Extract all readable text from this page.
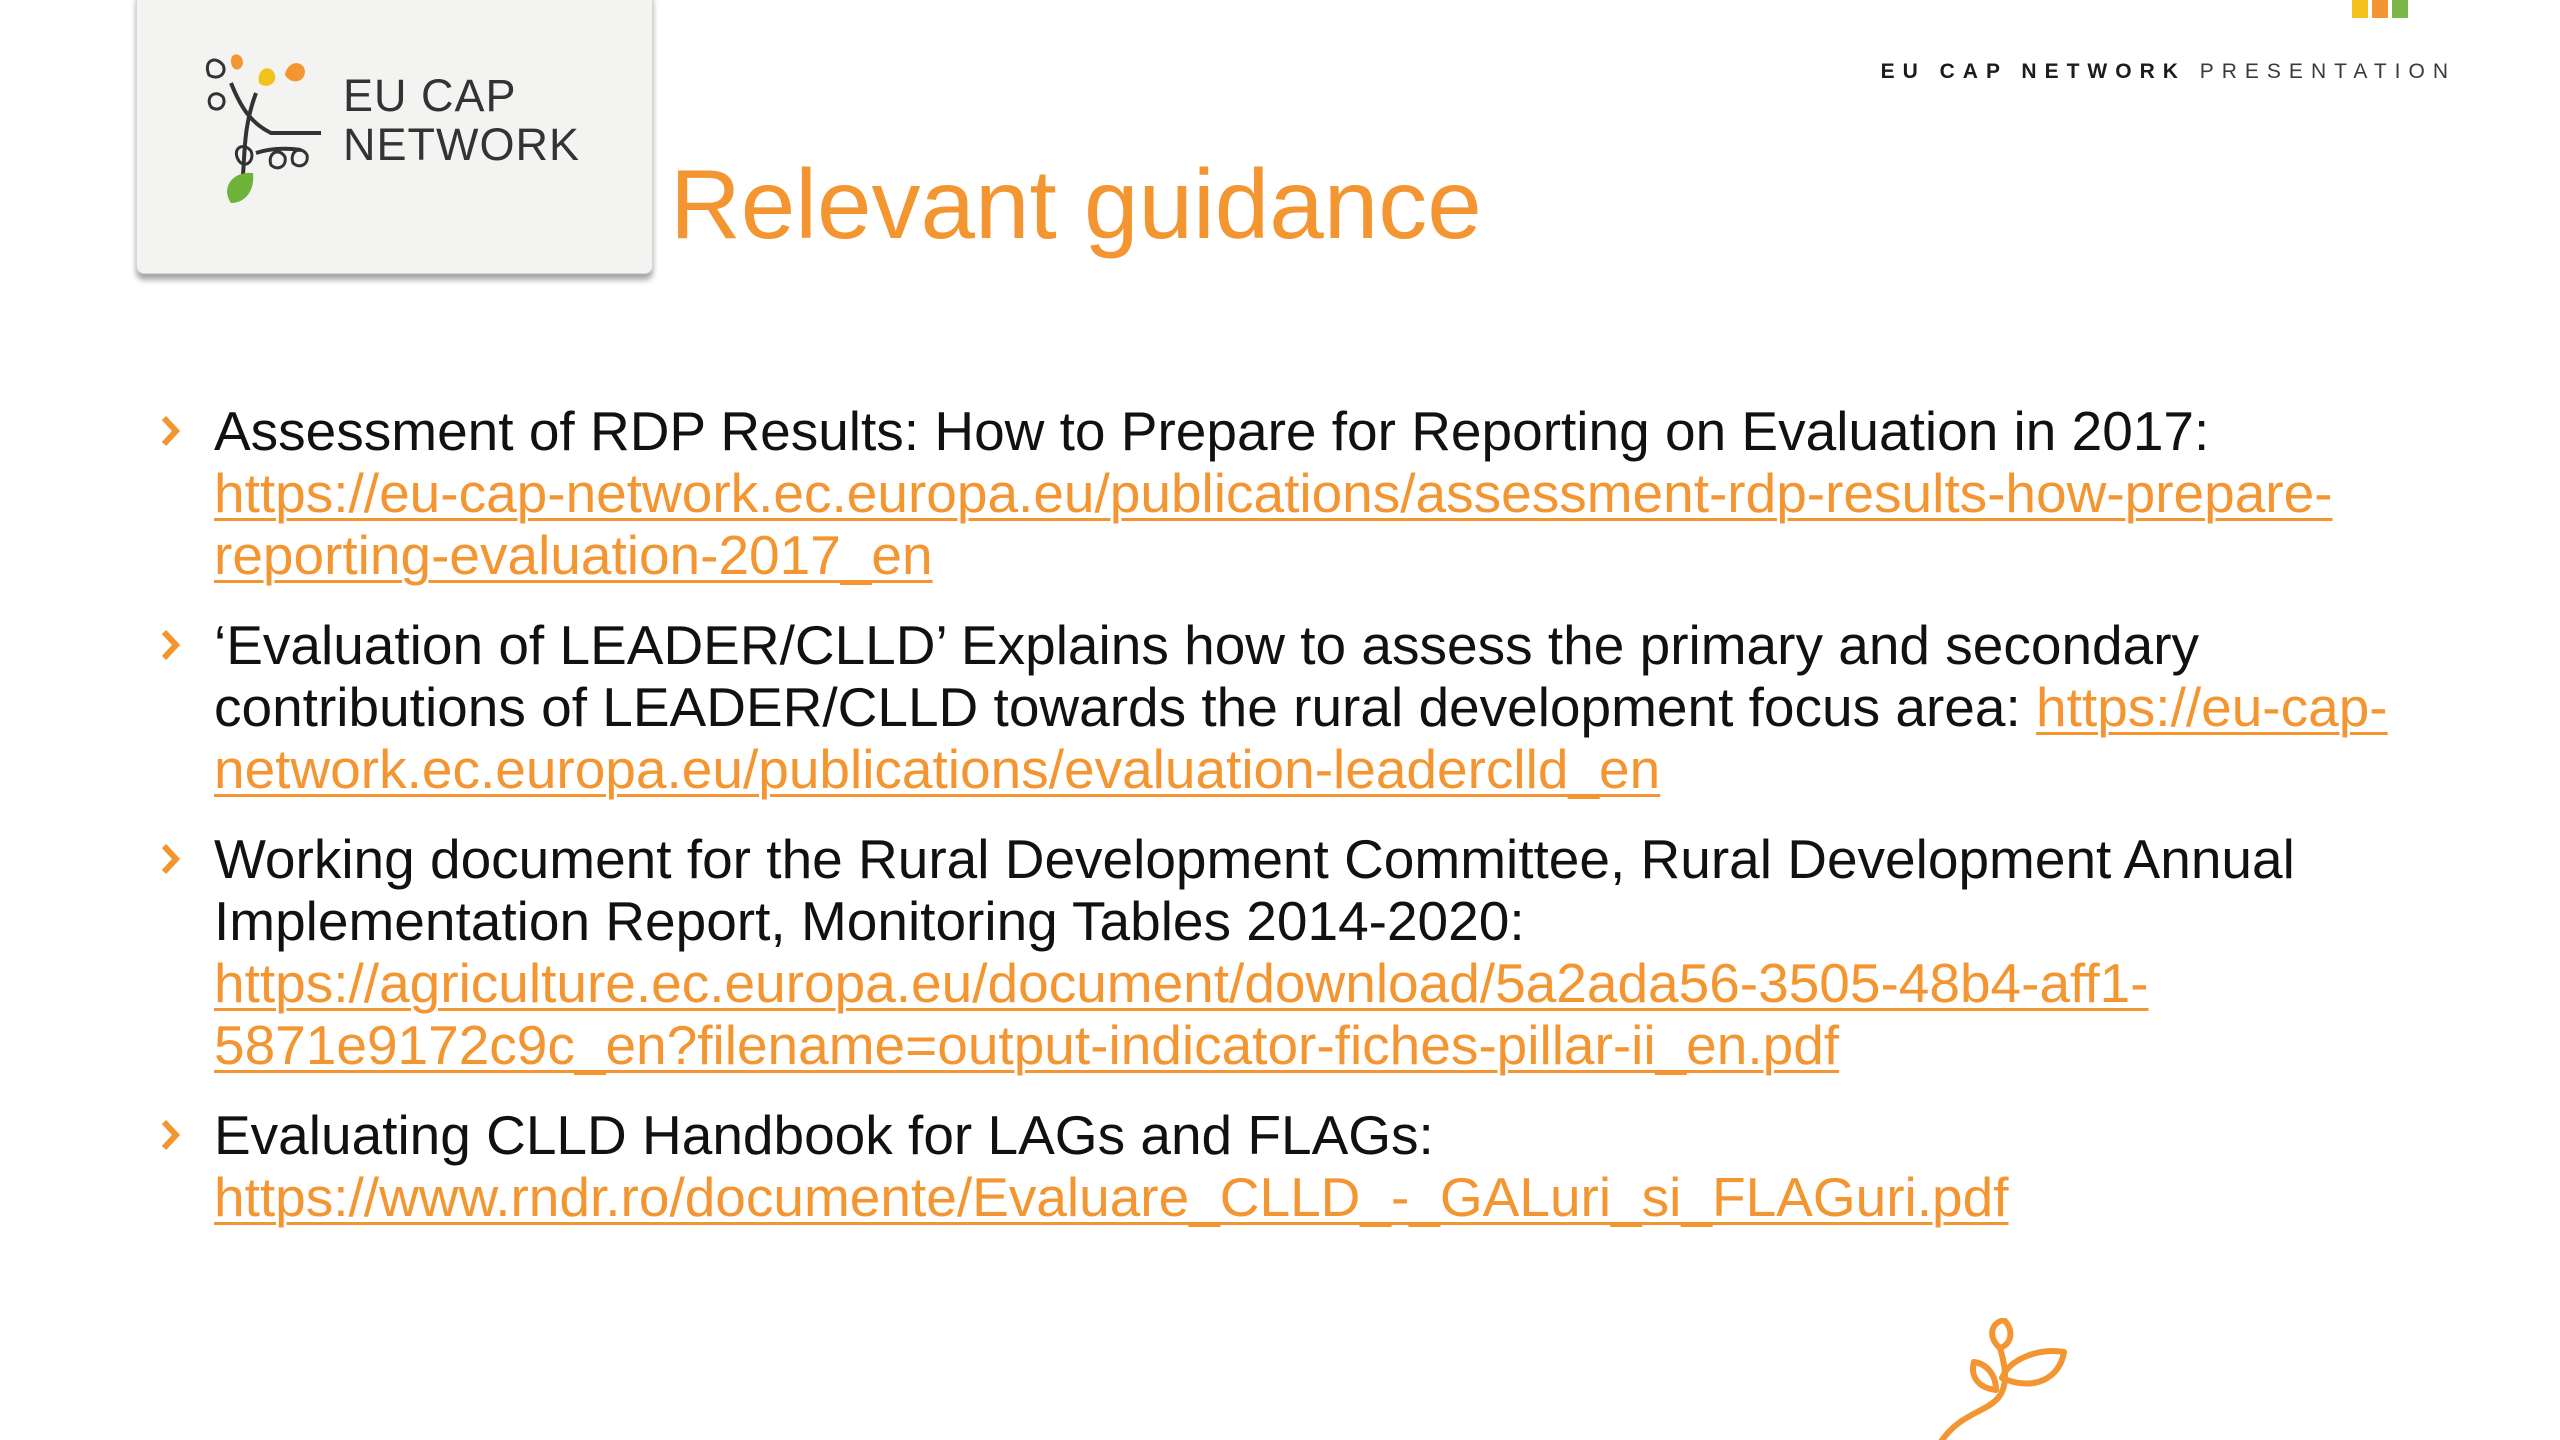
EU CAP NETWORK PRESENTATION
EU CAP
NETWORK
Relevant guidance
Assessment of RDP Results: How to Prepare for Reporting on Evaluation in 2017: https://eu-cap-network.ec.europa.eu/publications/assessment-rdp-results-how-prepare-reporting-evaluation-2017_en
‘Evaluation of LEADER/CLLD’ Explains how to assess the primary and secondary contributions of LEADER/CLLD towards the rural development focus area: https://eu-cap-network.ec.europa.eu/publications/evaluation-leaderclld_en
Working document for the Rural Development Committee, Rural Development Annual Implementation Report, Monitoring Tables 2014-2020: https://agriculture.ec.europa.eu/document/download/5a2ada56-3505-48b4-aff1-5871e9172c9c_en?filename=output-indicator-fiches-pillar-ii_en.pdf
Evaluating CLLD Handbook for LAGs and FLAGs: https://www.rndr.ro/documente/Evaluare_CLLD_-_GALuri_si_FLAGuri.pdf
